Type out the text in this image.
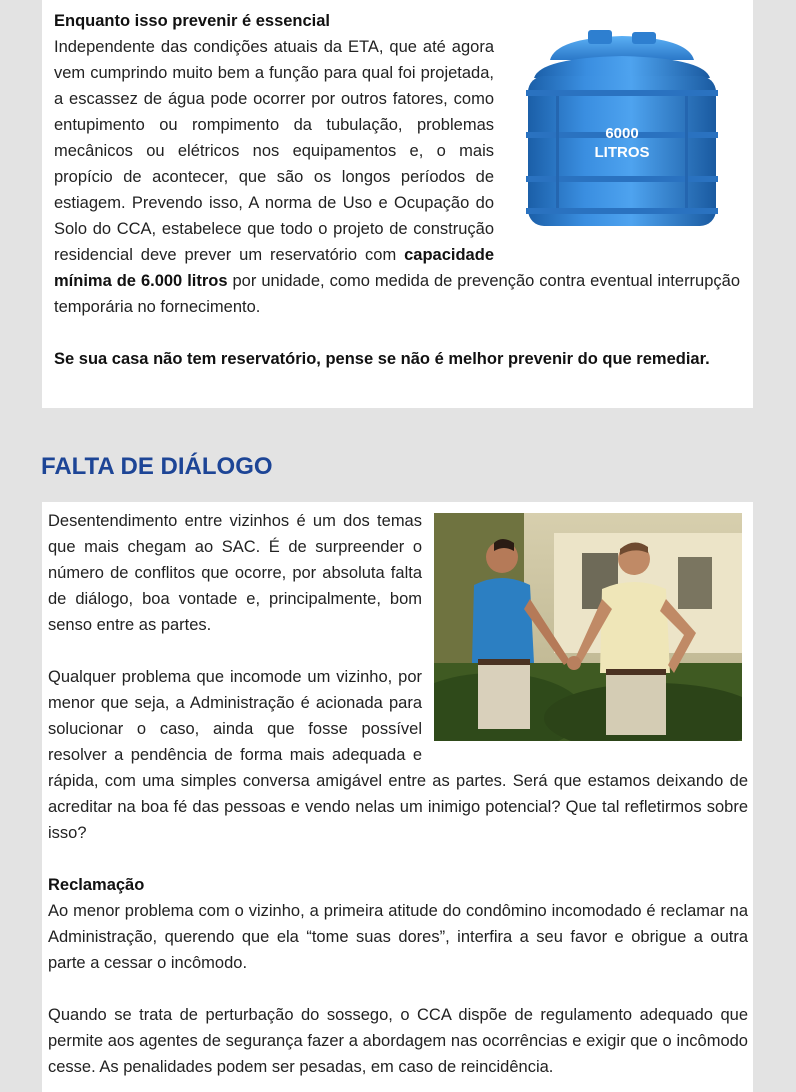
6000
LITROS

Enquanto isso prevenir é essencial

Independente das condições atuais da ETA, que até agora vem cumprindo muito bem a função para qual foi projetada, a escassez de água pode ocorrer por outros fatores, como entupimento ou rompimento da tubulação, problemas mecânicos ou elétricos nos equipamentos e, o mais propício de acontecer, que são os longos períodos de estiagem. Prevendo isso, A norma de Uso e Ocupação do Solo do CCA, estabelece que todo o projeto de construção residencial deve prever um reservatório com capacidade mínima de 6.000 litros por unidade, como medida de prevenção contra eventual interrupção temporária no fornecimento.

Se sua casa não tem reservatório, pense se não é melhor prevenir do que remediar.

FALTA DE DIÁLOGO

Desentendimento entre vizinhos é um dos temas que mais chegam ao SAC. É de surpreender o número de conflitos que ocorre, por absoluta falta de diálogo, boa vontade e, principalmente, bom senso entre as partes.

Qualquer problema que incomode um vizinho, por menor que seja, a Administração é acionada para solucionar o caso, ainda que fosse possível resolver a pendência de forma mais adequada e rápida, com uma simples conversa amigável entre as partes. Será que estamos deixando de acreditar na boa fé das pessoas e vendo nelas um inimigo potencial? Que tal refletirmos sobre isso?

Reclamação

Ao menor problema com o vizinho, a primeira atitude do condômino incomodado é reclamar na Administração, querendo que ela “tome suas dores”, interfira a seu favor e obrigue a outra parte a cessar o incômodo.

Quando se trata de perturbação do sossego, o CCA dispõe de regulamento adequado que permite aos agentes de segurança fazer a abordagem nas ocorrências e exigir que o incômodo cesse. As penalidades podem ser pesadas, em caso de reincidência.
